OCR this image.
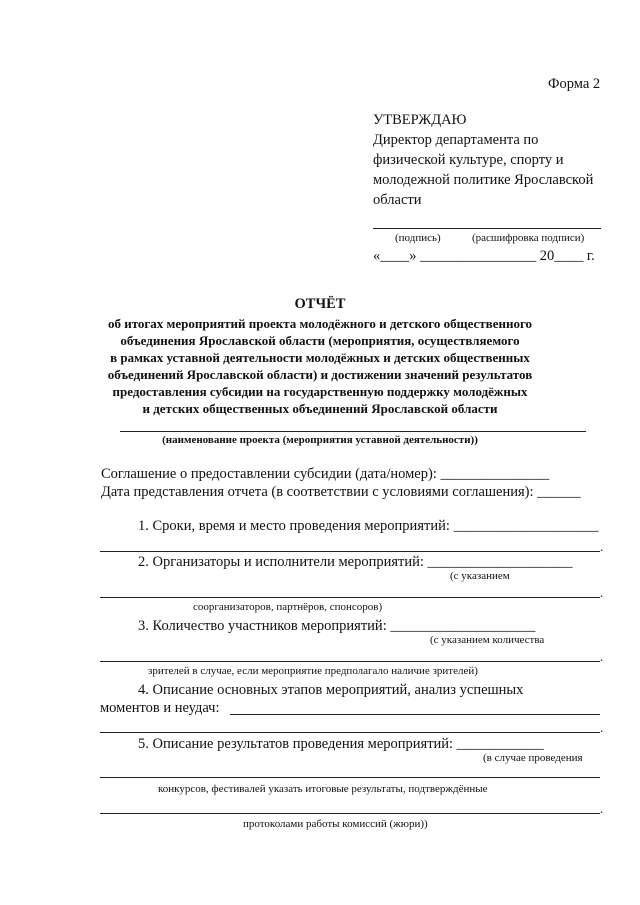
Форма 2
УТВЕРЖДАЮ
Директор департамента по
физической культуре, спорту и
молодежной политике Ярославской
области
(подпись)	(расшифровка подписи)
«____» ________________ 20____ г.
ОТЧЁТ
об итогах мероприятий проекта молодёжного и детского общественного
объединения Ярославской области (мероприятия, осуществляемого
в рамках уставной деятельности молодёжных и детских общественных
объединений Ярославской области) и достижении значений результатов
предоставления субсидии на государственную поддержку молодёжных
и детских общественных объединений Ярославской области
(наименование проекта (мероприятия уставной деятельности))
Соглашение о предоставлении субсидии (дата/номер): _______________
Дата представления отчета (в соответствии с условиями соглашения): ______
1. Сроки, время и место проведения мероприятий: ____________________
.
2. Организаторы и исполнители мероприятий: ____________________
(с указанием
.
соорганизаторов, партнёров, спонсоров)
3. Количество участников мероприятий: ____________________
(с указанием количества
.
зрителей в случае, если мероприятие предполагало наличие зрителей)
4. Описание основных этапов мероприятий, анализ успешных
моментов и неудач:
.
5. Описание результатов проведения мероприятий: ____________
(в случае проведения
конкурсов, фестивалей указать итоговые результаты, подтверждённые
.
протоколами работы комиссий (жюри))
